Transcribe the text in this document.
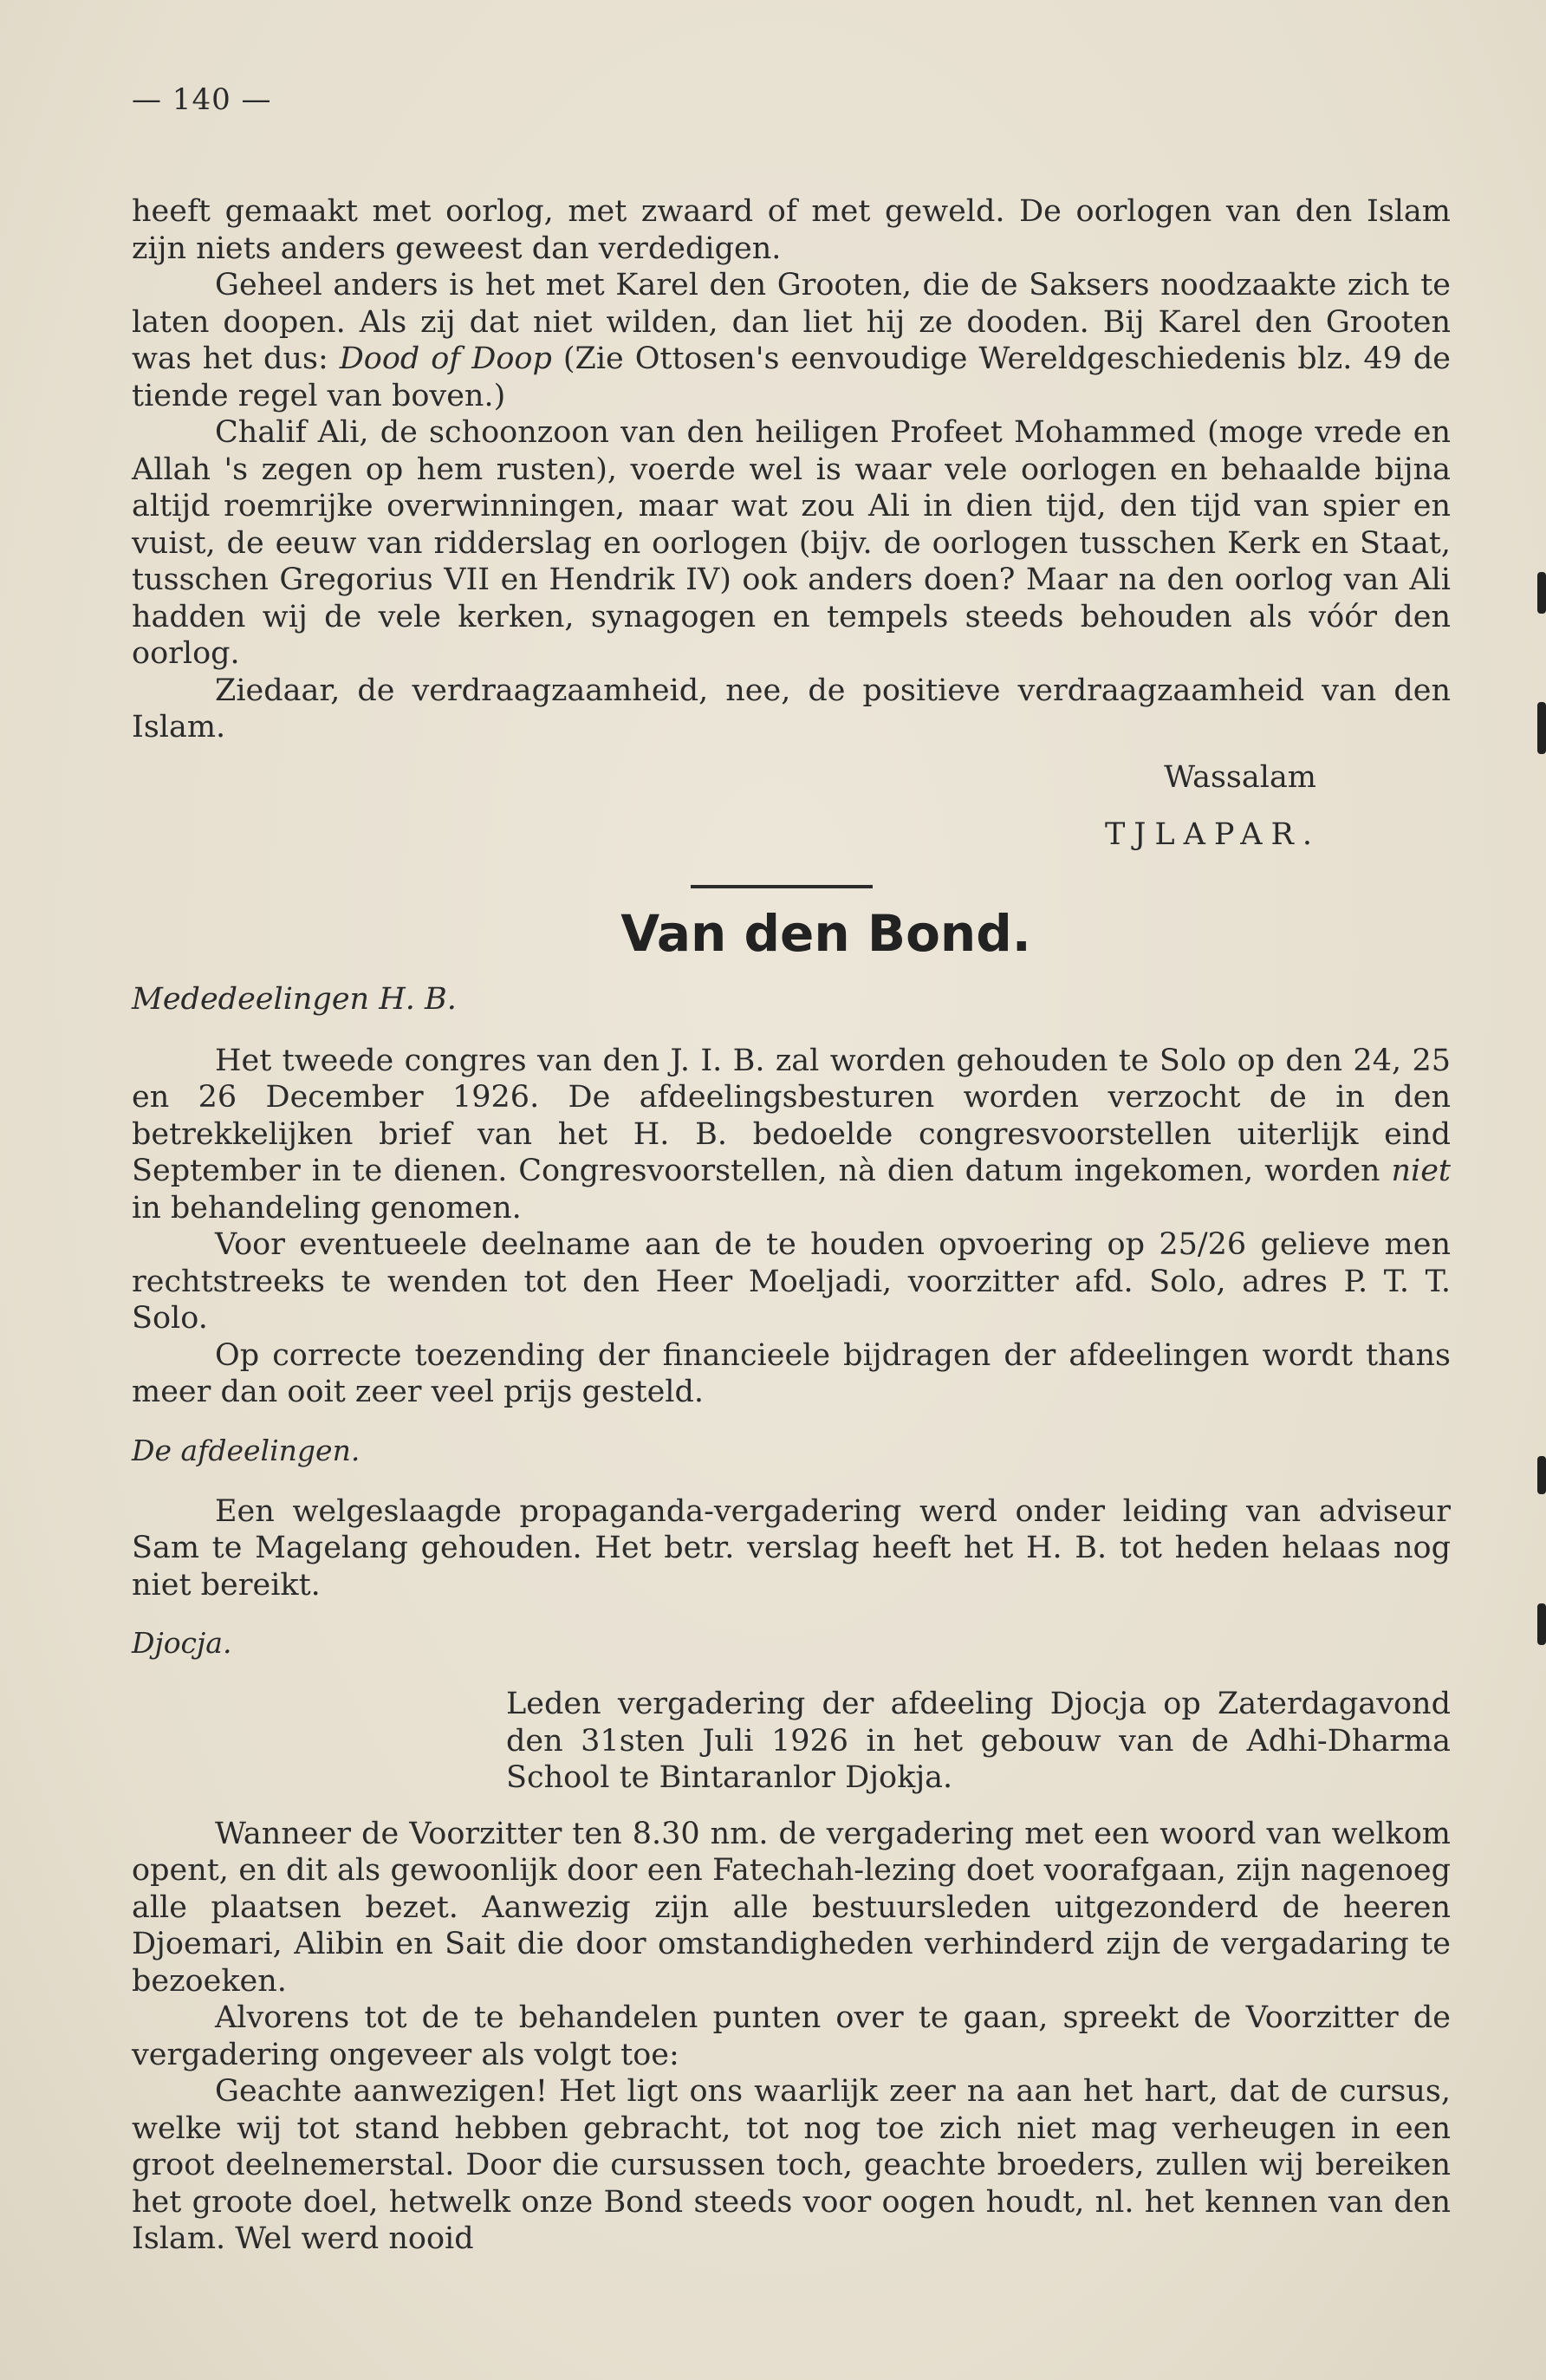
— 140 —

heeft gemaakt met oorlog, met zwaard of met geweld. De oorlogen van den Islam zijn niets anders geweest dan verdedigen.

Geheel anders is het met Karel den Grooten, die de Saksers noodzaakte zich te laten doopen. Als zij dat niet wilden, dan liet hij ze dooden. Bij Karel den Grooten was het dus: Dood of Doop (Zie Ottosen's eenvoudige Wereldgeschiedenis blz. 49 de tiende regel van boven.)

Chalif Ali, de schoonzoon van den heiligen Profeet Mohammed (moge vrede en Allah 's zegen op hem rusten), voerde wel is waar vele oorlogen en behaalde bijna altijd roemrijke overwinningen, maar wat zou Ali in dien tijd, den tijd van spier en vuist, de eeuw van ridderslag en oorlogen (bijv. de oorlogen tusschen Kerk en Staat, tusschen Gregorius VII en Hendrik IV) ook anders doen? Maar na den oorlog van Ali hadden wij de vele kerken, synagogen en tempels steeds behouden als vóór den oorlog.

Ziedaar, de verdraagzaamheid, nee, de positieve verdraagzaamheid van den Islam.

Wassalam
TJLAPAR.
Van den Bond.
Mededeelingen H. B.

Het tweede congres van den J. I. B. zal worden gehouden te Solo op den 24, 25 en 26 December 1926. De afdeelingsbesturen worden verzocht de in den betrekkelijken brief van het H. B. bedoelde congresvoorstellen uiterlijk eind September in te dienen. Congresvoorstellen, nà dien datum ingekomen, worden niet in behandeling genomen.

Voor eventueele deelname aan de te houden opvoering op 25/26 gelieve men rechtstreeks te wenden tot den Heer Moeljadi, voorzitter afd. Solo, adres P. T. T. Solo.

Op correcte toezending der financieele bijdragen der afdeelingen wordt thans meer dan ooit zeer veel prijs gesteld.

De afdeelingen.

Een welgeslaagde propaganda-vergadering werd onder leiding van adviseur Sam te Magelang gehouden. Het betr. verslag heeft het H. B. tot heden helaas nog niet bereikt.

Djocja.

Leden vergadering der afdeeling Djocja op Zaterdagavond den 31sten Juli 1926 in het gebouw van de Adhi-Dharma School te Bintaranlor Djokja.

Wanneer de Voorzitter ten 8.30 nm. de vergadering met een woord van welkom opent, en dit als gewoonlijk door een Fatechah-lezing doet voorafgaan, zijn nagenoeg alle plaatsen bezet. Aanwezig zijn alle bestuursleden uitgezonderd de heeren Djoemari, Alibin en Sait die door omstandigheden verhinderd zijn de vergadaring te bezoeken.

Alvorens tot de te behandelen punten over te gaan, spreekt de Voorzitter de vergadering ongeveer als volgt toe:

Geachte aanwezigen! Het ligt ons waarlijk zeer na aan het hart, dat de cursus, welke wij tot stand hebben gebracht, tot nog toe zich niet mag verheugen in een groot deelnemerstal. Door die cursussen toch, geachte broeders, zullen wij bereiken het groote doel, hetwelk onze Bond steeds voor oogen houdt, nl. het kennen van den Islam. Wel werd nooid
